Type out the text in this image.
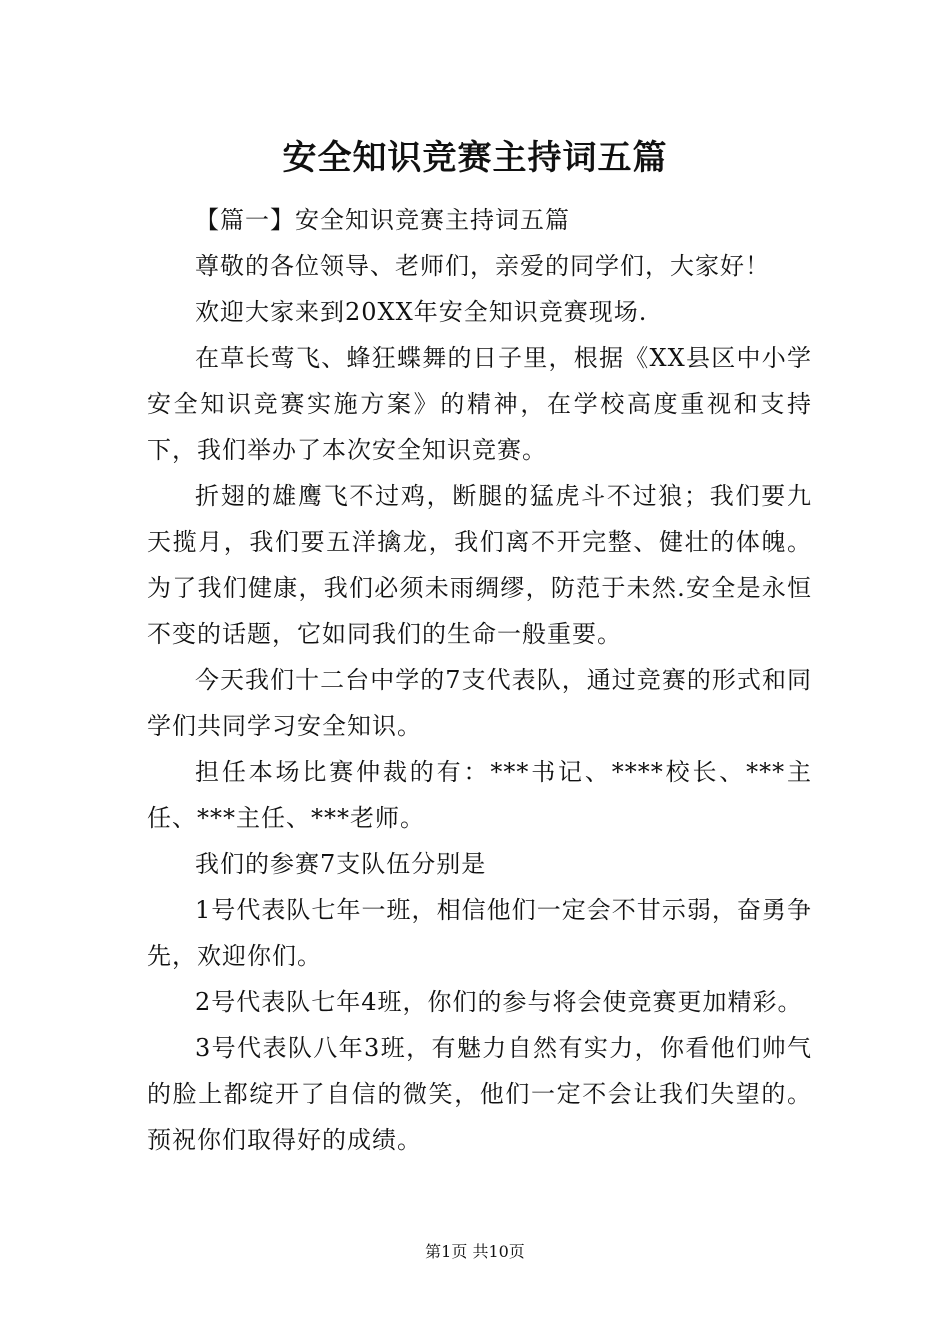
安全知识竞赛主持词五篇

【篇一】安全知识竞赛主持词五篇

尊敬的各位领导、老师们，亲爱的同学们，大家好！

欢迎大家来到20XX年安全知识竞赛现场.

在草长莺飞、蜂狂蝶舞的日子里，根据《XX县区中小学安全知识竞赛实施方案》的精神，在学校高度重视和支持下，我们举办了本次安全知识竞赛。

折翅的雄鹰飞不过鸡，断腿的猛虎斗不过狼；我们要九天揽月，我们要五洋擒龙，我们离不开完整、健壮的体魄。为了我们健康，我们必须未雨绸缪，防范于未然.安全是永恒不变的话题，它如同我们的生命一般重要。

今天我们十二台中学的7支代表队，通过竞赛的形式和同学们共同学习安全知识。

担任本场比赛仲裁的有：***书记、****校长、***主任、***主任、***老师。

我们的参赛7支队伍分别是

1号代表队七年一班，相信他们一定会不甘示弱，奋勇争先，欢迎你们。

2号代表队七年4班，你们的参与将会使竞赛更加精彩。

3号代表队八年3班，有魅力自然有实力，你看他们帅气的脸上都绽开了自信的微笑，他们一定不会让我们失望的。预祝你们取得好的成绩。

第1页 共10页
